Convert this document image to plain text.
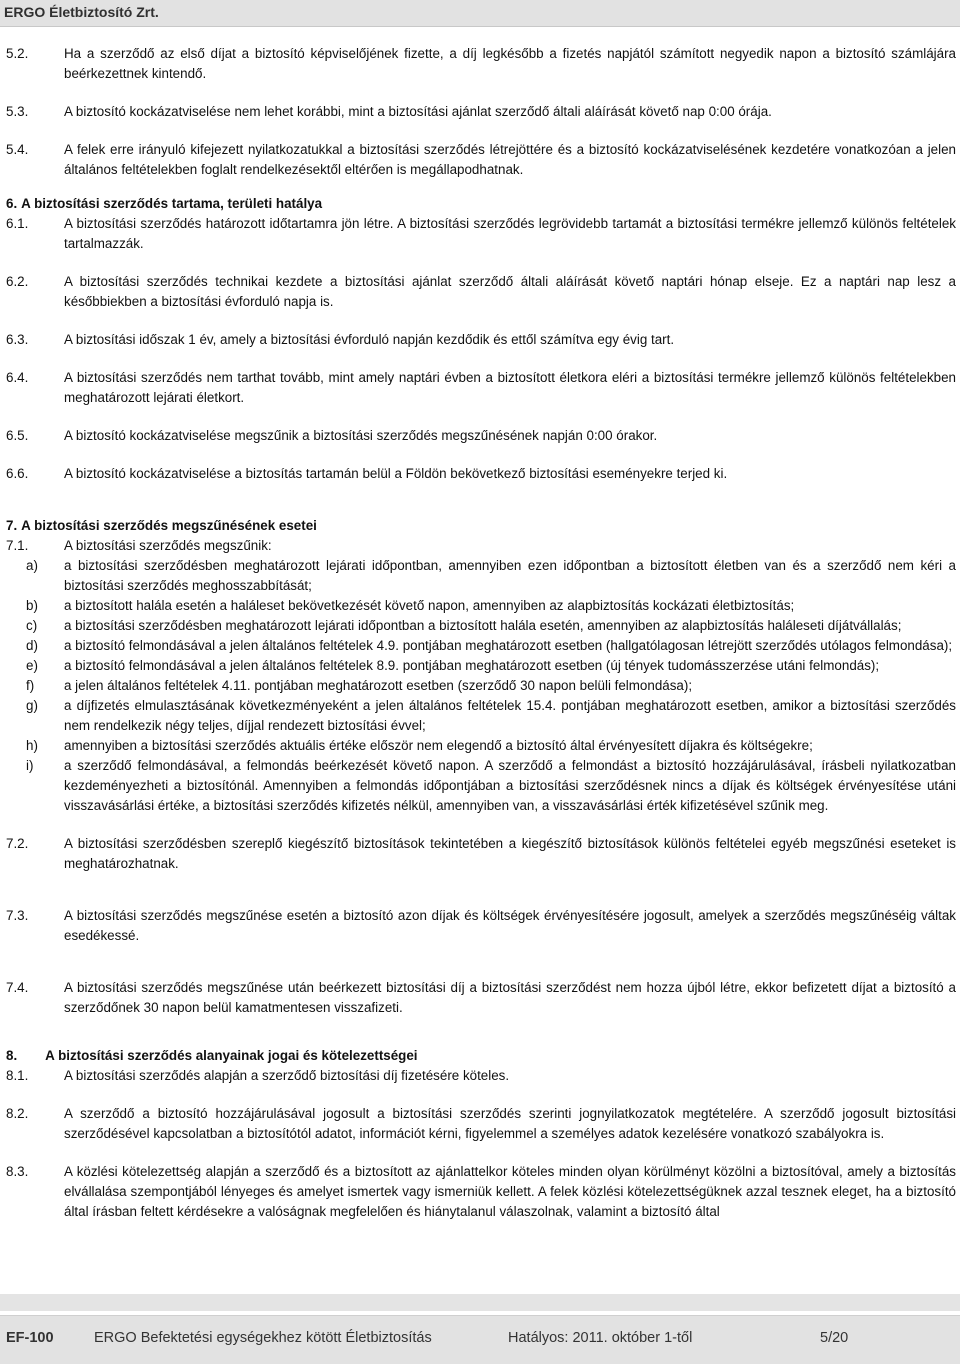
ERGO Életbiztosító Zrt.
5.2.	Ha a szerződő az első díjat a biztosító képviselőjének fizette, a díj legkésőbb a fizetés napjától számított negyedik napon a biztosító számlájára beérkezettnek kintendő.
5.3.	A biztosító kockázatviselése nem lehet korábbi, mint a biztosítási ajánlat szerződő általi aláírását követő nap 0:00 órája.
5.4.	A felek erre irányuló kifejezett nyilatkozatukkal a biztosítási szerződés létrejöttére és a biztosító kockázatviselésének kezdetére vonatkozóan a jelen általános feltételekben foglalt rendelkezésektől eltérően is megállapodhatnak.
6. A biztosítási szerződés tartama, területi hatálya
6.1.	A biztosítási szerződés határozott időtartamra jön létre. A biztosítási szerződés legrövidebb tartamát a biztosítási termékre jellemző különös feltételek tartalmazzák.
6.2.	A biztosítási szerződés technikai kezdete a biztosítási ajánlat szerződő általi aláírását követő naptári hónap elseje. Ez a naptári nap lesz a későbbiekben a biztosítási évforduló napja is.
6.3.	A biztosítási időszak 1 év, amely a biztosítási évforduló napján kezdődik és ettől számítva egy évig tart.
6.4.	A biztosítási szerződés nem tarthat tovább, mint amely naptári évben a biztosított életkora eléri a biztosítási termékre jellemző különös feltételekben meghatározott lejárati életkort.
6.5.	A biztosító kockázatviselése megszűnik a biztosítási szerződés megszűnésének napján 0:00 órakor.
6.6.	A biztosító kockázatviselése a biztosítás tartamán belül a Földön bekövetkező biztosítási eseményekre terjed ki.
7. A biztosítási szerződés megszűnésének esetei
7.1.	A biztosítási szerződés megszűnik:
a) a biztosítási szerződésben meghatározott lejárati időpontban, amennyiben ezen időpontban a biztosított életben van és a szerződő nem kéri a biztosítási szerződés meghosszabbítását;
b) a biztosított halála esetén a haláleset bekövetkezését követő napon, amennyiben az alapbiztosítás kockázati életbiztosítás;
c) a biztosítási szerződésben meghatározott lejárati időpontban a biztosított halála esetén, amennyiben az alapbiztosítás haláleseti díjátvállalás;
d) a biztosító felmondásával a jelen általános feltételek 4.9. pontjában meghatározott esetben (hallgatólagosan létrejött szerződés utólagos felmondása);
e) a biztosító felmondásával a jelen általános feltételek 8.9. pontjában meghatározott esetben (új tények tudomásszerzése utáni felmondás);
f) a jelen általános feltételek 4.11. pontjában meghatározott esetben (szerződő 30 napon belüli felmondása);
g) a díjfizetés elmulasztásának következményeként a jelen általános feltételek 15.4. pontjában meghatározott esetben, amikor a biztosítási szerződés nem rendelkezik négy teljes, díjjal rendezett biztosítási évvel;
h) amennyiben a biztosítási szerződés aktuális értéke először nem elegendő a biztosító által érvényesített díjakra és költségekre;
i) a szerződő felmondásával, a felmondás beérkezését követő napon. A szerződő a felmondást a biztosító hozzájárulásával, írásbeli nyilatkozatban kezdeményezheti a biztosítónál. Amennyiben a felmondás időpontjában a biztosítási szerződésnek nincs a díjak és költségek érvényesítése utáni visszavásárlási értéke, a biztosítási szerződés kifizetés nélkül, amennyiben van, a visszavásárlási érték kifizetésével szűnik meg.
7.2.	A biztosítási szerződésben szereplő kiegészítő biztosítások tekintetében a kiegészítő biztosítások különös feltételei egyéb megszűnési eseteket is meghatározhatnak.
7.3.	A biztosítási szerződés megszűnése esetén a biztosító azon díjak és költségek érvényesítésére jogosult, amelyek a szerződés megszűnéséig váltak esedékessé.
7.4.	A biztosítási szerződés megszűnése után beérkezett biztosítási díj a biztosítási szerződést nem hozza újból létre, ekkor befizetett díjat a biztosító a szerződőnek 30 napon belül kamatmentesen visszafizeti.
8. A biztosítási szerződés alanyainak jogai és kötelezettségei
8.1.	A biztosítási szerződés alapján a szerződő biztosítási díj fizetésére köteles.
8.2.	A szerződő a biztosító hozzájárulásával jogosult a biztosítási szerződés szerinti jognyilatkozatok megtételére. A szerződő jogosult biztosítási szerződésével kapcsolatban a biztosítótól adatot, információt kérni, figyelemmel a személyes adatok kezelésére vonatkozó szabályokra is.
8.3.	A közlési kötelezettség alapján a szerződő és a biztosított az ajánlattelkor köteles minden olyan körülményt közölni a biztosítóval, amely a biztosítás elvállalása szempontjából lényeges és amelyet ismertek vagy ismerniük kellett. A felek közlési kötelezettségüknek azzal tesznek eleget, ha a biztosító által írásban feltett kérdésekre a valóságnak megfelelően és hiánytalanul válaszolnak, valamint a biztosító által
EF-100	ERGO Befektetési egységekhez kötött Életbiztosítás	Hatályos: 2011. október 1-től	5/20
